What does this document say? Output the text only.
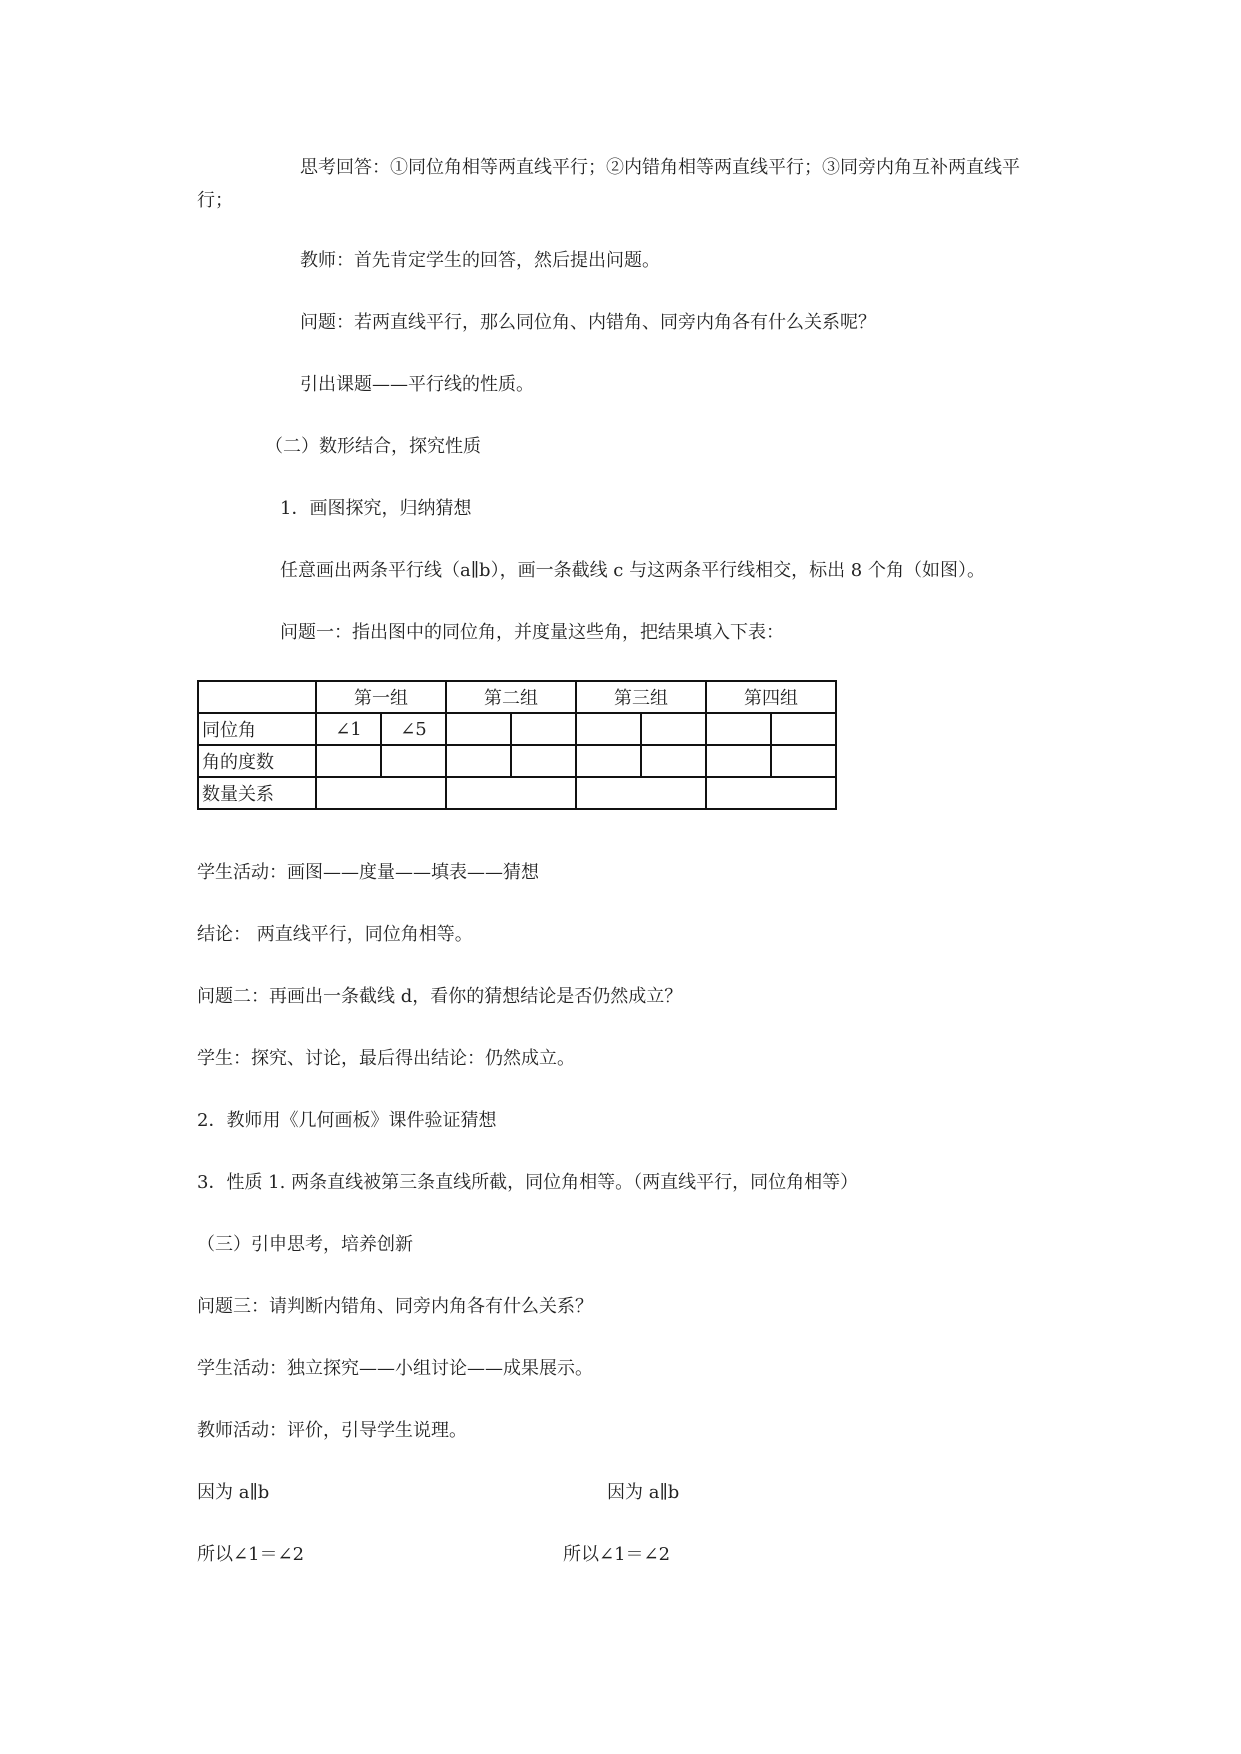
思考回答：①同位角相等两直线平行；②内错角相等两直线平行；③同旁内角互补两直线平
行；
教师：首先肯定学生的回答，然后提出问题。
问题：若两直线平行，那么同位角、内错角、同旁内角各有什么关系呢？
引出课题——平行线的性质。
（二）数形结合，探究性质
1．画图探究，归纳猜想
任意画出两条平行线（a∥b），画一条截线 c 与这两条平行线相交，标出 8 个角（如图）。
问题一：指出图中的同位角，并度量这些角，把结果填入下表：
	第一组		第二组		第三组		第四组	
同位角	∠1	∠5						
角的度数								
数量关系								
学生活动：画图——度量——填表——猜想
结论： 两直线平行，同位角相等。
问题二：再画出一条截线 d，看你的猜想结论是否仍然成立？
学生：探究、讨论，最后得出结论：仍然成立。
2．教师用《几何画板》课件验证猜想
3．性质 1. 两条直线被第三条直线所截，同位角相等。（两直线平行，同位角相等）
（三）引申思考，培养创新
问题三：请判断内错角、同旁内角各有什么关系？
学生活动：独立探究——小组讨论——成果展示。
教师活动：评价，引导学生说理。
因为 a∥b	因为 a∥b
所以∠1＝∠2	所以∠1＝∠2
